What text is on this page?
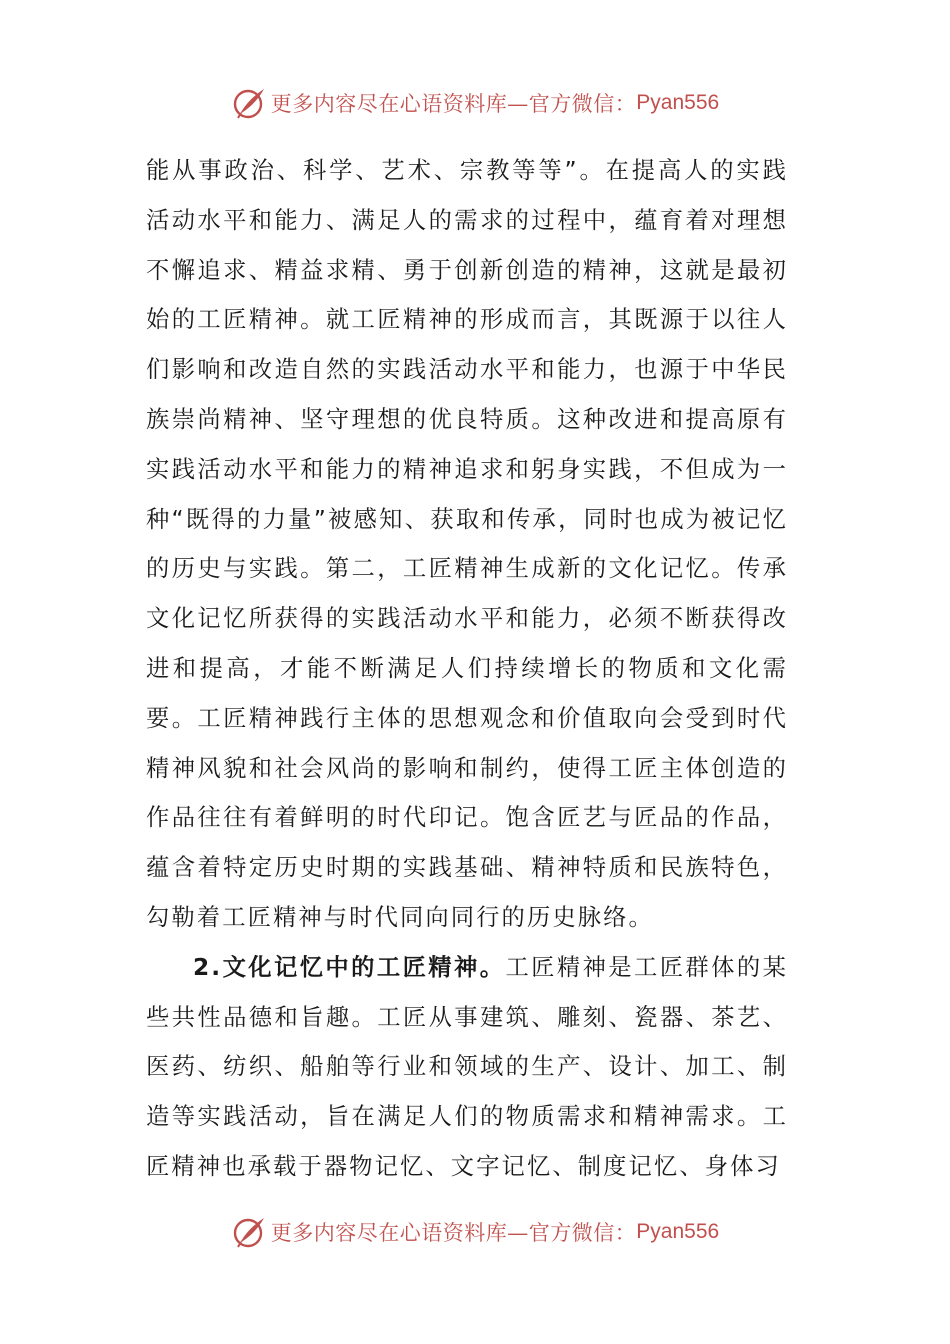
更多内容尽在心语资料库—官方微信： Pyan556

能从事政治、科学、艺术、宗教等等”。在提高人的实践活动水平和能力、满足人的需求的过程中，蕴育着对理想不懈追求、精益求精、勇于创新创造的精神，这就是最初始的工匠精神。就工匠精神的形成而言，其既源于以往人们影响和改造自然的实践活动水平和能力，也源于中华民族崇尚精神、坚守理想的优良特质。这种改进和提高原有实践活动水平和能力的精神追求和躬身实践，不但成为一种“既得的力量”被感知、获取和传承，同时也成为被记忆的历史与实践。第二，工匠精神生成新的文化记忆。传承文化记忆所获得的实践活动水平和能力，必须不断获得改进和提高，才能不断满足人们持续增长的物质和文化需要。工匠精神践行主体的思想观念和价值取向会受到时代精神风貌和社会风尚的影响和制约，使得工匠主体创造的作品往往有着鲜明的时代印记。饱含匠艺与匠品的作品，蕴含着特定历史时期的实践基础、精神特质和民族特色，勾勒着工匠精神与时代同向同行的历史脉络。

2.文化记忆中的工匠精神。工匠精神是工匠群体的某些共性品德和旨趣。工匠从事建筑、雕刻、瓷器、茶艺、医药、纺织、船舶等行业和领域的生产、设计、加工、制造等实践活动，旨在满足人们的物质需求和精神需求。工匠精神也承载于器物记忆、文字记忆、制度记忆、身体习

更多内容尽在心语资料库—官方微信： Pyan556
